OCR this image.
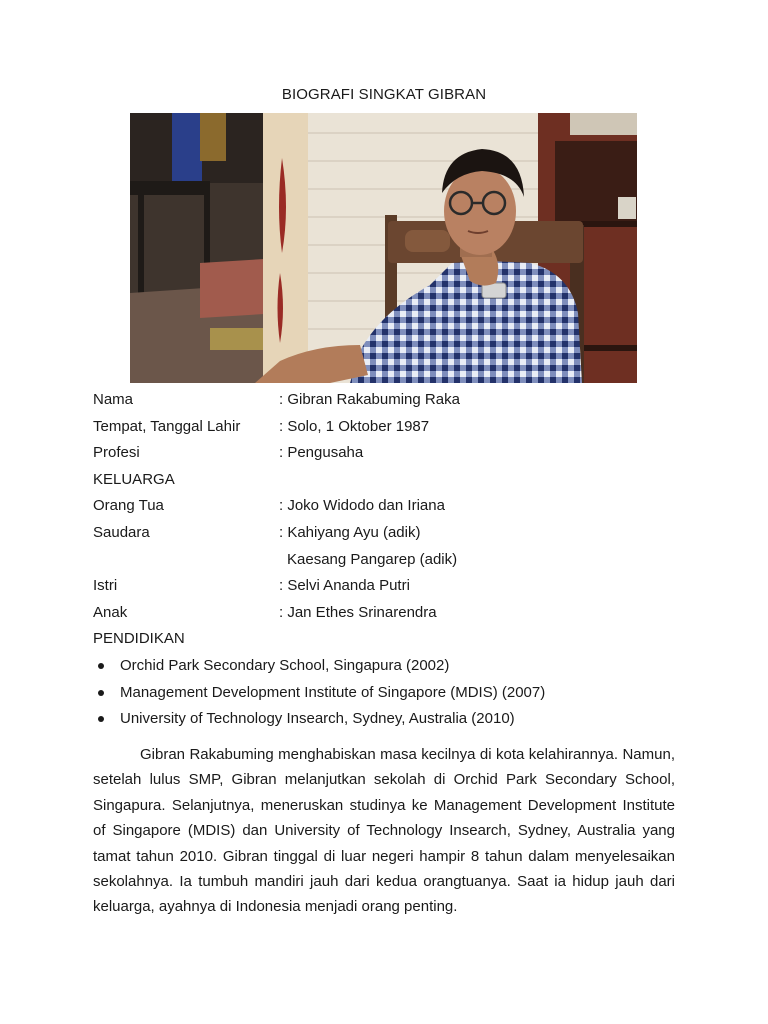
BIOGRAFI SINGKAT GIBRAN
Nama	: Gibran Rakabuming Raka
Tempat, Tanggal Lahir	: Solo, 1 Oktober 1987
Profesi	: Pengusaha
KELUARGA
Orang Tua	: Joko Widodo dan Iriana
Saudara	: Kahiyang Ayu (adik)
Kaesang Pangarep (adik)
Istri	: Selvi Ananda Putri
Anak	: Jan Ethes Srinarendra
PENDIDIKAN
Orchid Park Secondary School, Singapura (2002)
Management Development Institute of Singapore (MDIS) (2007)
University of Technology Insearch, Sydney, Australia (2010)

Gibran Rakabuming menghabiskan masa kecilnya di kota kelahirannya. Namun, setelah lulus SMP, Gibran melanjutkan sekolah di Orchid Park Secondary School, Singapura. Selanjutnya, meneruskan studinya ke Management Development Institute of Singapore (MDIS) dan University of Technology Insearch, Sydney, Australia yang tamat tahun 2010. Gibran tinggal di luar negeri hampir 8 tahun dalam menyelesaikan sekolahnya. Ia tumbuh mandiri jauh dari kedua orangtuanya. Saat ia hidup jauh dari keluarga, ayahnya di Indonesia menjadi orang penting.
